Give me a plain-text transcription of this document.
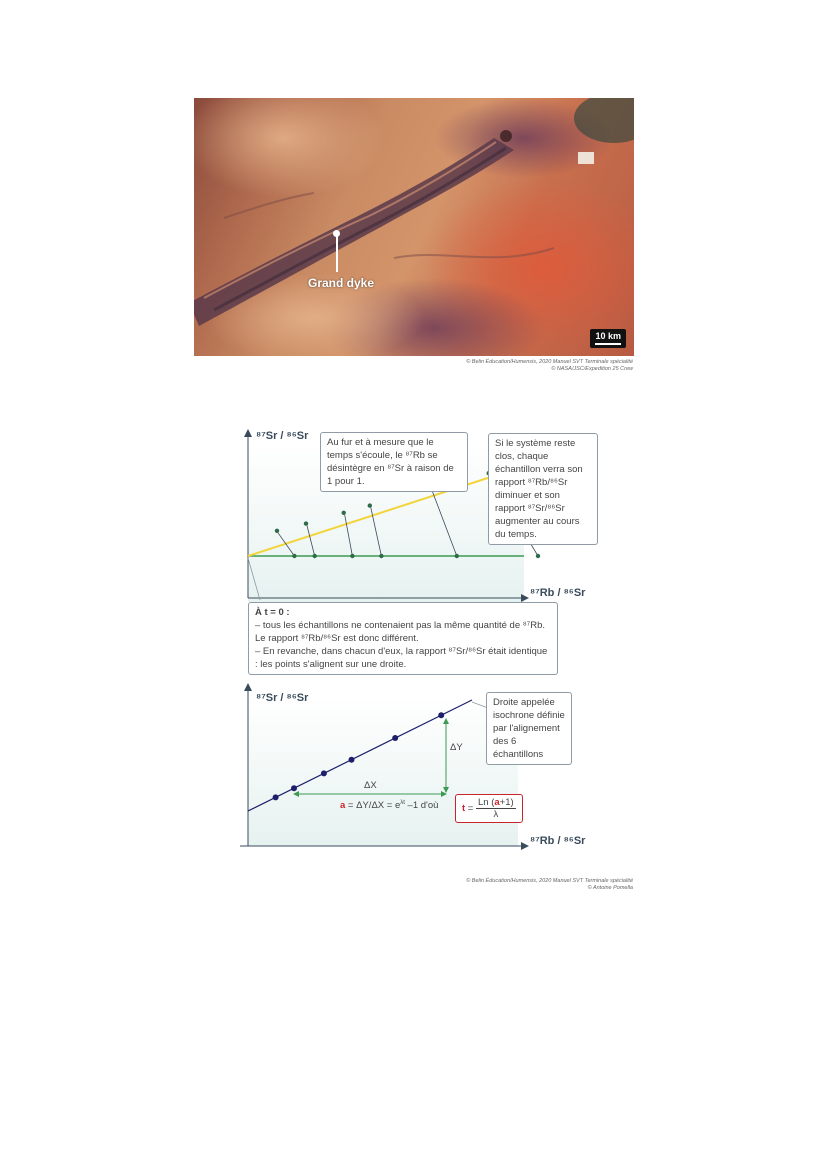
Grand dyke
10 km
© Belin Éducation/Humensis, 2020 Manuel SVT Terminale spécialité
© NASA/JSC/Expedition 25 Crew
⁸⁷Sr / ⁸⁶Sr
⁸⁷Rb / ⁸⁶Sr
Au fur et à mesure que le temps s'écoule, le ⁸⁷Rb se désintègre en ⁸⁷Sr à raison de 1 pour 1.
Si le système reste clos, chaque échantillon verra son rapport ⁸⁷Rb/⁸⁶Sr diminuer et son rapport ⁸⁷Sr/⁸⁶Sr augmenter au cours du temps.
À t = 0 :
– tous les échantillons ne contenaient pas la même quantité de ⁸⁷Rb. Le rapport ⁸⁷Rb/⁸⁶Sr est donc différent.
– En revanche, dans chacun d'eux, la rapport ⁸⁷Sr/⁸⁶Sr était identique : les points s'alignent sur une droite.
⁸⁷Sr / ⁸⁶Sr
⁸⁷Rb / ⁸⁶Sr
Droite appelée isochrone définie par l'alignement des 6 échantillons
ΔX
ΔY
$a = \Delta Y/\Delta X = e^{\lambda t}$ –1 d'où	$t = \frac{Ln (a+1)}{\lambda}$
© Belin Éducation/Humensis, 2020 Manuel SVT Terminale spécialité
© Antoine Pomella
